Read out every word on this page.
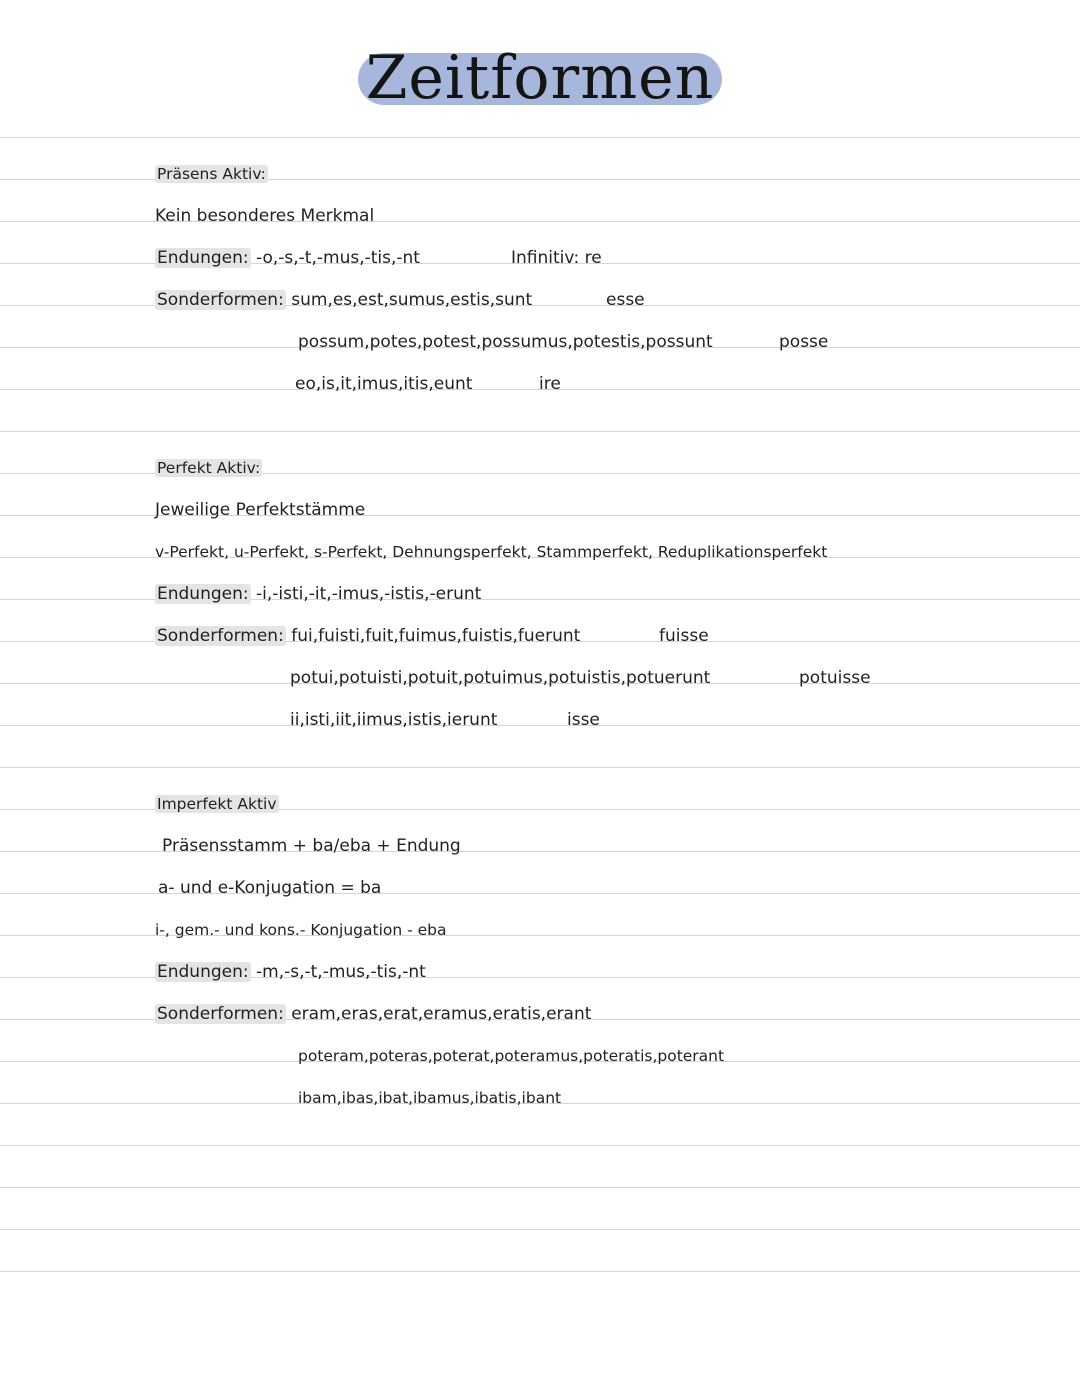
Zeitformen
Präsens Aktiv:
Kein besonderes Merkmal
Endungen: -o,-s,-t,-mus,-tis,-nt	Infinitiv: re
Sonderformen: sum,es,est,sumus,estis,sunt	esse
possum,potes,potest,possumus,potestis,possunt	posse
eo,is,it,imus,itis,eunt	ire
Perfekt Aktiv:
Jeweilige Perfektstämme
v-Perfekt, u-Perfekt, s-Perfekt, Dehnungsperfekt, Stammperfekt, Reduplikationsperfekt
Endungen: -i,-isti,-it,-imus,-istis,-erunt
Sonderformen: fui,fuisti,fuit,fuimus,fuistis,fuerunt	fuisse
potui,potuisti,potuit,potuimus,potuistis,potuerunt	potuisse
ii,isti,iit,iimus,istis,ierunt	isse
Imperfekt Aktiv
Präsensstamm + ba/eba + Endung
a- und e-Konjugation = ba
i-, gem.- und kons.- Konjugation - eba
Endungen: -m,-s,-t,-mus,-tis,-nt
Sonderformen: eram,eras,erat,eramus,eratis,erant
poteram,poteras,poterat,poteramus,poteratis,poterant
ibam,ibas,ibat,ibamus,ibatis,ibant
